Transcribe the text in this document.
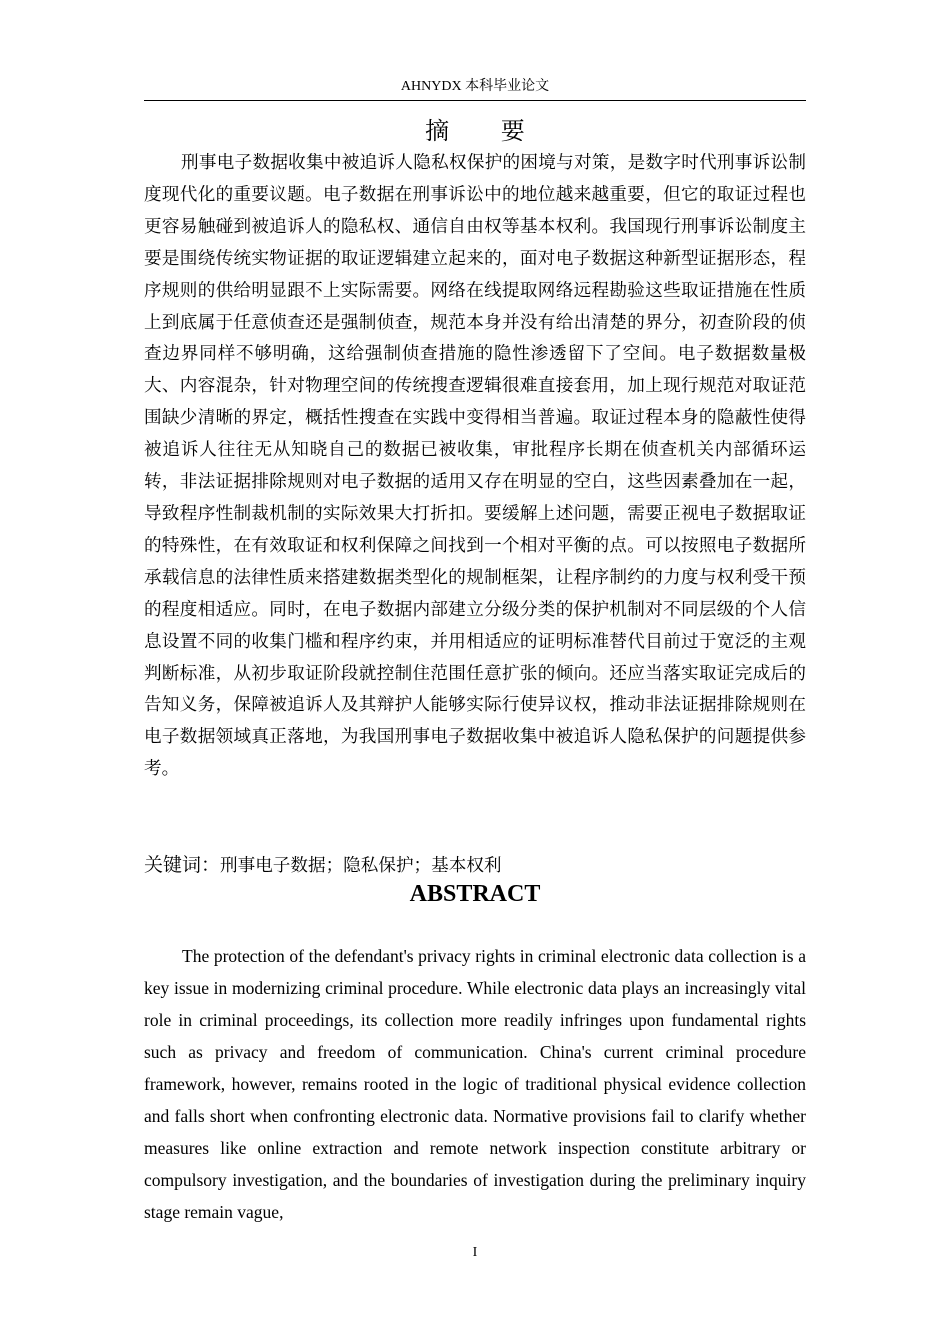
AHNYDX 本科毕业论文
摘 要

刑事电子数据收集中被追诉人隐私权保护的困境与对策，是数字时代刑事诉讼制度现代化的重要议题。电子数据在刑事诉讼中的地位越来越重要，但它的取证过程也更容易触碰到被追诉人的隐私权、通信自由权等基本权利。我国现行刑事诉讼制度主要是围绕传统实物证据的取证逻辑建立起来的，面对电子数据这种新型证据形态，程序规则的供给明显跟不上实际需要。网络在线提取网络远程勘验这些取证措施在性质上到底属于任意侦查还是强制侦查，规范本身并没有给出清楚的界分，初查阶段的侦查边界同样不够明确，这给强制侦查措施的隐性渗透留下了空间。电子数据数量极大、内容混杂，针对物理空间的传统搜查逻辑很难直接套用，加上现行规范对取证范围缺少清晰的界定，概括性搜查在实践中变得相当普遍。取证过程本身的隐蔽性使得被追诉人往往无从知晓自己的数据已被收集，审批程序长期在侦查机关内部循环运转，非法证据排除规则对电子数据的适用又存在明显的空白，这些因素叠加在一起，导致程序性制裁机制的实际效果大打折扣。要缓解上述问题，需要正视电子数据取证的特殊性，在有效取证和权利保障之间找到一个相对平衡的点。可以按照电子数据所承载信息的法律性质来搭建数据类型化的规制框架，让程序制约的力度与权利受干预的程度相适应。同时，在电子数据内部建立分级分类的保护机制对不同层级的个人信息设置不同的收集门槛和程序约束，并用相适应的证明标准替代目前过于宽泛的主观判断标准，从初步取证阶段就控制住范围任意扩张的倾向。还应当落实取证完成后的告知义务，保障被追诉人及其辩护人能够实际行使异议权，推动非法证据排除规则在电子数据领域真正落地，为我国刑事电子数据收集中被追诉人隐私保护的问题提供参考。

关键词：刑事电子数据；隐私保护；基本权利
ABSTRACT

The protection of the defendant's privacy rights in criminal electronic data collection is a key issue in modernizing criminal procedure. While electronic data plays an increasingly vital role in criminal proceedings, its collection more readily infringes upon fundamental rights such as privacy and freedom of communication. China's current criminal procedure framework, however, remains rooted in the logic of traditional physical evidence collection and falls short when confronting electronic data. Normative provisions fail to clarify whether measures like online extraction and remote network inspection constitute arbitrary or compulsory investigation, and the boundaries of investigation during the preliminary inquiry stage remain vague,

I
